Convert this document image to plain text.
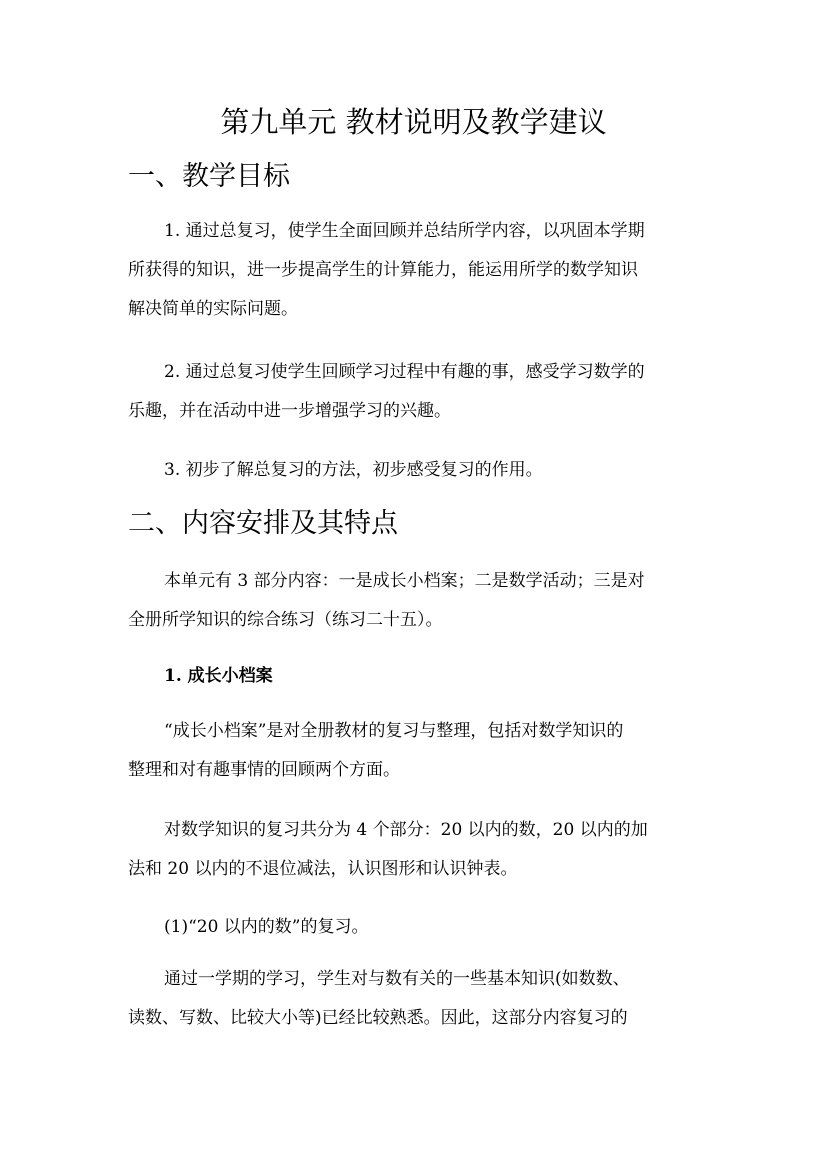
第九单元 教材说明及教学建议
一、教学目标
1. 通过总复习，使学生全面回顾并总结所学内容，以巩固本学期
所获得的知识，进一步提高学生的计算能力，能运用所学的数学知识
解决简单的实际问题。
2. 通过总复习使学生回顾学习过程中有趣的事，感受学习数学的
乐趣，并在活动中进一步增强学习的兴趣。
3. 初步了解总复习的方法，初步感受复习的作用。
二、内容安排及其特点
本单元有 3 部分内容：一是成长小档案；二是数学活动；三是对
全册所学知识的综合练习（练习二十五）。
1. 成长小档案
“成长小档案”是对全册教材的复习与整理，包括对数学知识的
整理和对有趣事情的回顾两个方面。
对数学知识的复习共分为 4 个部分：20 以内的数，20 以内的加
法和 20 以内的不退位减法，认识图形和认识钟表。
(1)“20 以内的数”的复习。
通过一学期的学习，学生对与数有关的一些基本知识(如数数、
读数、写数、比较大小等)已经比较熟悉。因此，这部分内容复习的
